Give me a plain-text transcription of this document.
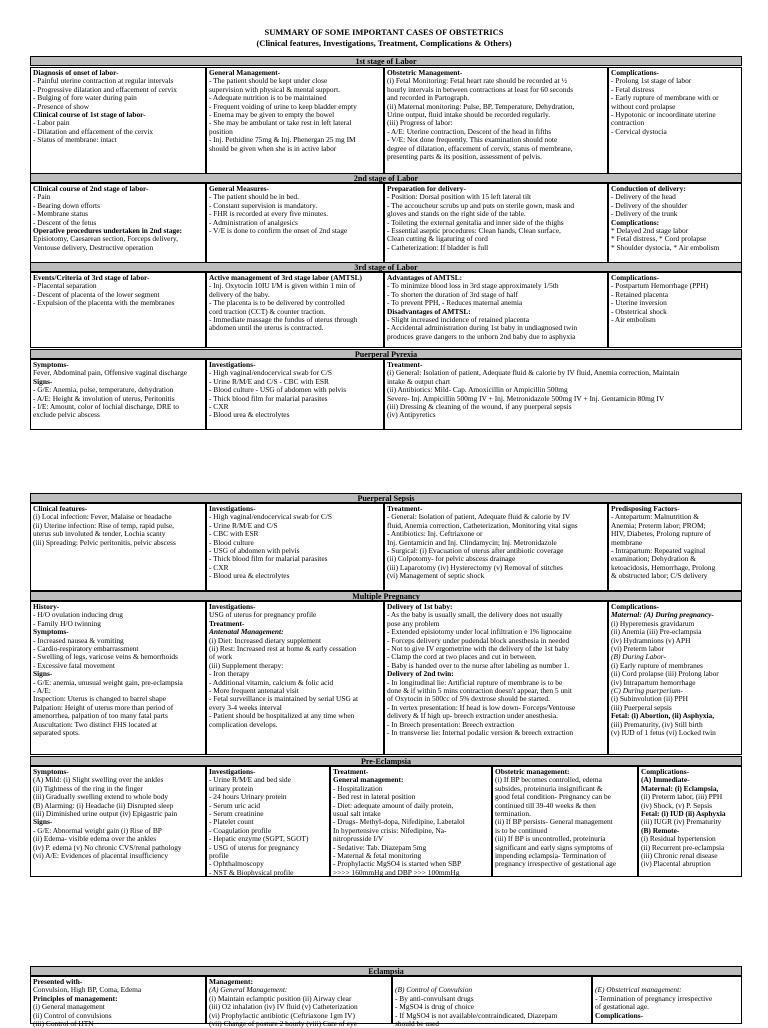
SUMMARY OF SOME IMPORTANT CASES OF OBSTETRICS
(Clinical features, Investigations, Treatment, Complications & Others)
1st stage of Labor
Diagnosis of onset of labor-
- Painful uterine contraction at regular intervals
- Progressive dilatation and effacement of cervix
- Bulging of fore water during pain
- Presence of show
Clinical course of 1st stage of labor-
- Labor pain
- Dilatation and effacement of the cervix
- Status of membrane: intact
General Management-
- The patient should be kept under close
supervision with physical & mental support.
- Adequate nutrition is to be maintained
- Frequent voiding of urine to keep bladder empty
- Enema may be given to empty the bowel
- She may be ambulant or take rest in left lateral
position
- Inj. Pethidine 75mg & Inj. Phenergan 25 mg IM
should be given when she is in active labor
Obstetric Management-
(i) Fetal Monitoring: Fetal heart rate should be recorded at ½
hourly intervals in between contractions at least for 60 seconds
and recorded in Partograph.
(ii) Maternal monitoring: Pulse, BP, Temperature, Dehydration,
Urine output, fluid intake should be recorded regularly.
(iii) Progress of labor:
- A/E: Uterine contraction, Descent of the head in fifths
- V/E: Not done frequently. This examination should note
degree of dilatation, effacement of cervix, status of membrane,
presenting parts & its position, assessment of pelvis.
Complications-
- Prolong 1st stage of labor
- Fetal distress
- Early rupture of membrane with or
without cord prolapse
- Hypotonic or incoordinate uterine
contraction
- Cervical dystocia
2nd stage of Labor
Clinical course of 2nd stage of labor-
- Pain
- Bearing down efforts
- Membrane status
- Descent of the fetus
Operative procedures undertaken in 2nd stage:
Episiotomy, Caesarean section, Forceps delivery,
Ventouse delivery, Destructive operation
General Measures-
- The patient should be in bed.
- Constant supervision is mandatory.
- FHR is recorded at every five minutes.
- Administration of analgesics
- V/E is done to confirm the onset of 2nd stage
Preparation for delivery-
- Position: Dorsal position with 15 left lateral tilt
- The accoucheur scrubs up and puts on sterile gown, mask and
gloves and stands on the right side of the table.
- Toileting the external genitalia and inner side of the thighs
- Essential aseptic procedures: Clean hands, Clean surface,
Clean cutting & ligaturing of cord
- Catheterization: If bladder is full
Conduction of delivery:
- Delivery of the head
- Delivery of the shoulder
- Delivery of the trunk
Complications:
* Delayed 2nd stage labor
* Fetal distress, * Cord prolapse
* Shoulder dystocia, * Air embolism
3rd stage of Labor
Events/Criteria of 3rd stage of labor-
- Placental separation
- Descent of placenta of the lower segment
- Expulsion of the placenta with the membranes
Active management of 3rd stage labor (AMTSL)
- Inj. Oxytocin 10IU I/M is given within 1 min of
delivery of the baby.
- The placenta is to be delivered by controlled
cord traction (CCT) & counter traction.
- Immediate massage the fundus of uterus through
abdomen until the uterus is contracted.
Advantages of AMTSL:
- To minimize blood loss in 3rd stage approximately 1/5th
- To shorten the duration of 3rd stage of half
- To prevent PPH, - Reduces maternal anemia
Disadvantages of AMTSL:
- Slight increased incidence of retained placenta
- Accidental administration during 1st baby in undiagnosed twin
produces grave dangers to the unborn 2nd baby due to asphyxia
Complications-
- Postpartum Hemorrhage (PPH)
- Retained placenta
- Uterine inversion
- Obstetrical shock
- Air embolism
Puerperal Pyrexia
Symptoms-
Fever, Abdominal pain, Offensive vaginal discharge
Signs-
- G/E: Anemia, pulse, temperature, dehydration
- A/E: Height & involution of uterus, Peritonitis
- I/E: Amount, color of lochial discharge, DRE to
exclude pelvic abscess
Investigations-
- High vaginal/endocervical swab for C/S
- Urine R/M/E and C/S - CBC with ESR
- Blood culture - USG of abdomen with pelvis
- Thick blood film for malarial parasites
- CXR
- Blood urea & electrolytes
Treatment-
(i) General: Isolation of patient, Adequate fluid & calorie by IV fluid, Anemia correction, Maintain
intake & output chart
(ii) Antibiotics: Mild- Cap. Amoxicillin or Ampicillin 500mg
Severe- Inj. Ampicillin 500mg IV + Inj. Metronidazole 500mg IV + Inj. Gentamicin 80mg IV
(iii) Dressing & cleaning of the wound, if any puerperal sepsis
(iv) Antipyretics
Puerperal Sepsis
Clinical features-
(i) Local infection: Fever, Malaise or headache
(ii) Uterine infection: Rise of temp, rapid pulse,
uterus sub involuted & tender, Lochia scanty
(iii) Spreading: Pelvic peritonitis, pelvic abscess
Investigations-
- High vaginal/endocervical swab for C/S
- Urine R/M/E and C/S
- CBC with ESR
- Blood culture
- USG of abdomen with pelvis
- Thick blood film for malarial parasites
- CXR
- Blood urea & electrolytes
Treatment-
- General: Isolation of patient, Adequate fluid & calorie by IV
fluid, Anemia correction, Catheterization, Monitoring vital signs
- Antibiotics: Inj. Ceftriaxone or
Inj. Gentamicin and Inj. Clindamycin; Inj. Metronidazole
- Surgical: (i) Evacuation of uterus after antibiotic coverage
(ii) Colpotomy- for pelvic abscess drainage
(iii) Laparotomy (iv) Hysterectomy (v) Removal of stitches
(vi) Management of septic shock
Predisposing Factors-
- Antepartum: Malnutrition &
Anemia; Preterm labor; PROM;
HIV, Diabetes, Prolong rupture of
membrane
- Intrapartum: Repeated vaginal
examination; Dehydration &
ketoacidosis, Hemorrhage, Prolong
& obstructed labor; C/S delivery
Multiple Pregnancy
History-
- H/O ovulation inducing drug
- Family H/O twinning
Symptoms-
- Increased nausea & vomiting
- Cardio-respiratory embarrassment
- Swelling of legs, varicose veins & hemorrhoids
- Excessive fatal movement
Signs-
- G/E: anemia, unusual weight gain, pre-eclampsia
- A/E:
Inspection: Uterus is changed to barrel shape
Palpation: Height of uterus more than period of
amenorrhea, palpation of too many fatal parts
Auscultation: Two distinct FHS located at
separated spots.
Investigations-
USG of uterus for pregnancy profile
Treatment-
Antenatal Management:
(i) Diet: Increased dietary supplement
(ii) Rest: Increased rest at home & early cessation
of work
(iii) Supplement therapy:
- Iron therapy
- Additional vitamin, calcium & folic acid
- More frequent antenatal visit
- Fetal surveillance is maintained by serial USG at
every 3-4 weeks interval
- Patient should be hospitalized at any time when
complication develops.
Delivery of 1st baby:
- As the baby is usually small, the delivery does not usually
pose any problem
- Extended episiotomy under local infiltration e 1% lignocaine
- Forceps delivery under pudendal block anesthesia in needed
- Not to give IV ergometrine with the delivery of the 1st baby
- Clamp the cord at two places and cut in between.
- Baby is handed over to the nurse after labeling as number 1.
Delivery of 2nd twin:
- In longitudinal lie: Artificial rupture of membrane is to be
done & if within 5 mins contraction doesn't appear, then 5 unit
of Oxytocin in 500cc of 5% dextrose should be started.
- In vertex presentation: If head is low down- Forceps/Ventouse
delivery & If high up- breech extraction under anesthesia.
- In Breech presentation: Breech extraction
- In transverse lie: Internal podalic version & breech extraction
Complications-
Maternal: (A) During pregnancy-
(i) Hyperemesis gravidarum
(ii) Anemia (iii) Pre-eclampsia
(iv) Hydramnions (v) APH
(vi) Preterm labor
(B) During Labor-
(i) Early rupture of membranes
(ii) Cord prolapse (iii) Prolong labor
(iv) Intrapartum hemorrhage
(C) During puerperium-
(i) Subinvolution (ii) PPH
(iii) Puerperal sepsis
Fetal: (i) Abortion, (ii) Asphyxia,
(iii) Prematurity, (iv) Still birth
(v) IUD of 1 fetus (vi) Locked twin
Pre-Eclampsia
Symptoms-
(A) Mild: (i) Slight swelling over the ankles
(ii) Tightness of the ring in the finger
(iii) Gradually swelling extend to whole body
(B) Alarming: (i) Headache (ii) Disrupted sleep
(iii) Diminished urine output (iv) Epigastric pain
Signs-
- G/E: Abnormal weight gain (i) Rise of BP
(ii) Edema- visible edema over the ankles
(iv) P. edema (v) No chronic CVS/renal pathology
(vi) A/E: Evidences of placental insufficiency
Investigations-
- Urine R/M/E and bed side
urinary protein
- 24 hours Urinary protein
- Serum uric acid
- Serum creatinine
- Platelet count
- Coagulation profile
- Hepatic enzyme (SGPT, SGOT)
- USG of uterus for pregnancy
profile
- Ophthalmoscopy
- NST & Biophysical profile
Treatment-
General management:
- Hospitalization
- Bed rest in lateral position
- Diet: adequate amount of daily protein,
usual salt intake
- Drugs- Methyl-dopa, Nifedipine, Labetalol
In hypertensive crisis: Nifedipine, Na-
nitroprusside I/V
- Sedative: Tab. Diazepam 5mg
- Maternal & fetal monitoring
- Prophylactic MgSO4 is started when SBP
>>>> 160mmHg and DBP >>> 100mmHg
Obstetric management:
(i) If BP becomes controlled, edema
subsides, proteinuria insignificant &
good fetal condition- Pregnancy can be
continued till 39-40 weeks & then
termination.
(ii) If BP persists- General management
is to be continued
(iii) If BP is uncontrolled, proteinuria
significant and early signs symptoms of
impending eclampsia- Termination of
pregnancy irrespective of gestational age
Complications-
(A) Immediate-
Maternal: (i) Eclampsia,
(ii) Preterm labor, (iii) PPH
(iv) Shock, (v) P. Sepsis
Fetal: (i) IUD (ii) Asphyxia
(iii) IUGR (iv) Prematurity
(B) Remote-
(i) Residual hypertension
(ii) Recurrent pre-eclampsia
(iii) Chronic renal disease
(iv) Placental abruption
Eclampsia
Presented with-
Convulsion, High BP, Coma, Edema
Principles of management:
(i) General management
(ii) Control of convulsions
(iii) Control of HTN
Management:
(A) General Management:
(i) Maintain eclamptic position (ii) Airway clear
(iii) O2 inhalation (iv) IV fluid (v) Catheterization
(vi) Prophylactic antibiotic (Ceftriaxone 1gm IV)
(vii) Change of posture 2 hourly (viii) Care of eye

(B) Control of Convulsion
- By anti-convulsant drugs
- MgSO4 is drug of choice
- If MgSO4 is not available/contraindicated, Diazepam
should be used

(E) Obstetrical management:
- Termination of pregnancy irrespective
of gestational age.
Complications-
